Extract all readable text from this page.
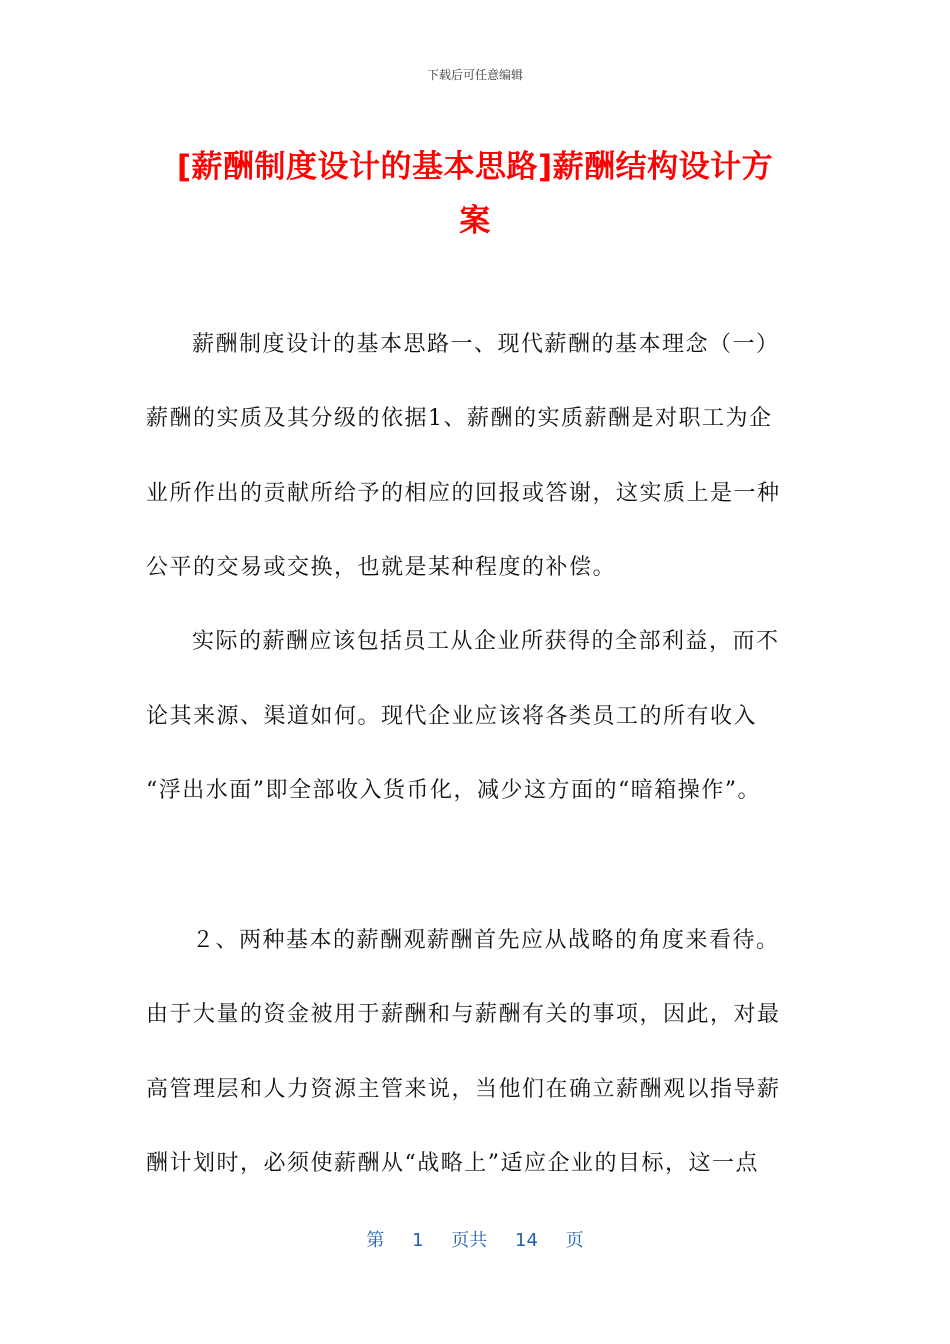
下载后可任意编辑
[薪酬制度设计的基本思路]薪酬结构设计方
案
薪酬制度设计的基本思路一、现代薪酬的基本理念（一）
薪酬的实质及其分级的依据1、薪酬的实质薪酬是对职工为企
业所作出的贡献所给予的相应的回报或答谢，这实质上是一种
公平的交易或交换，也就是某种程度的补偿。
实际的薪酬应该包括员工从企业所获得的全部利益，而不
论其来源、渠道如何。现代企业应该将各类员工的所有收入
“浮出水面”即全部收入货币化，减少这方面的“暗箱操作”。
２、两种基本的薪酬观薪酬首先应从战略的角度来看待。
由于大量的资金被用于薪酬和与薪酬有关的事项，因此，对最
高管理层和人力资源主管来说，当他们在确立薪酬观以指导薪
酬计划时，必须使薪酬从“战略上”适应企业的目标，这一点
第 1 页共 14 页
